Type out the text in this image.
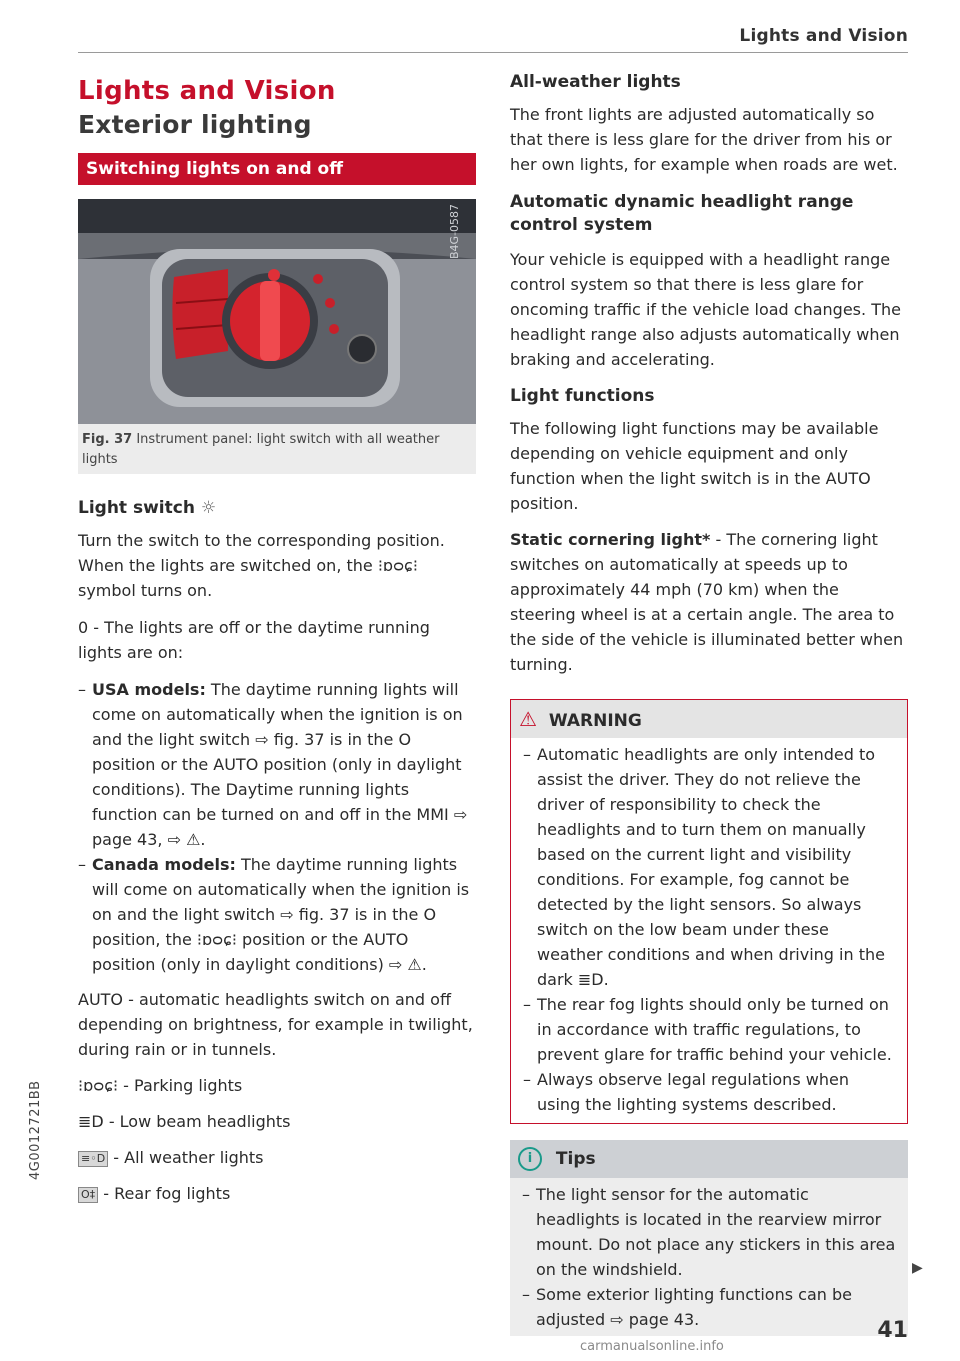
Lights and Vision
Lights and Vision
Exterior lighting
Switching lights on and off
B4G-0587
Fig. 37 Instrument panel: light switch with all weather lights
Light switch ☼

Turn the switch to the corresponding position. When the lights are switched on, the ⁝ɒᴑɕ⁝ symbol turns on.

0 - The lights are off or the daytime running lights are on:

– USA models: The daytime running lights will come on automatically when the ignition is on and the light switch ⇨ fig. 37 is in the O position or the AUTO position (only in daylight conditions). The Daytime running lights function can be turned on and off in the MMI ⇨ page 43, ⇨ ⚠.

– Canada models: The daytime running lights will come on automatically when the ignition is on and the light switch ⇨ fig. 37 is in the O position, the ⁝ɒᴑɕ⁝ position or the AUTO position (only in daylight conditions) ⇨ ⚠.

AUTO - automatic headlights switch on and off depending on brightness, for example in twilight, during rain or in tunnels.

⁝ɒᴑɕ⁝ - Parking lights

≣D - Low beam headlights

≡◦D - All weather lights

O‡ - Rear fog lights

All-weather lights

The front lights are adjusted automatically so that there is less glare for the driver from his or her own lights, for example when roads are wet.

Automatic dynamic headlight range control system

Your vehicle is equipped with a headlight range control system so that there is less glare for oncoming traffic if the vehicle load changes. The headlight range also adjusts automatically when braking and accelerating.

Light functions

The following light functions may be available depending on vehicle equipment and only function when the light switch is in the AUTO position.

Static cornering light* - The cornering light switches on automatically at speeds up to approximately 44 mph (70 km) when the steering wheel is at a certain angle. The area to the side of the vehicle is illuminated better when turning.

⚠ WARNING

– Automatic headlights are only intended to assist the driver. They do not relieve the driver of responsibility to check the headlights and to turn them on manually based on the current light and visibility conditions. For example, fog cannot be detected by the light sensors. So always switch on the low beam under these weather conditions and when driving in the dark ≣D.

– The rear fog lights should only be turned on in accordance with traffic regulations, to prevent glare for traffic behind your vehicle.

– Always observe legal regulations when using the lighting systems described.

i Tips

– The light sensor for the automatic headlights is located in the rearview mirror mount. Do not place any stickers in this area on the windshield.

– Some exterior lighting functions can be adjusted ⇨ page 43.

▶
4G0012721BB
41
carmanualsonline.info
